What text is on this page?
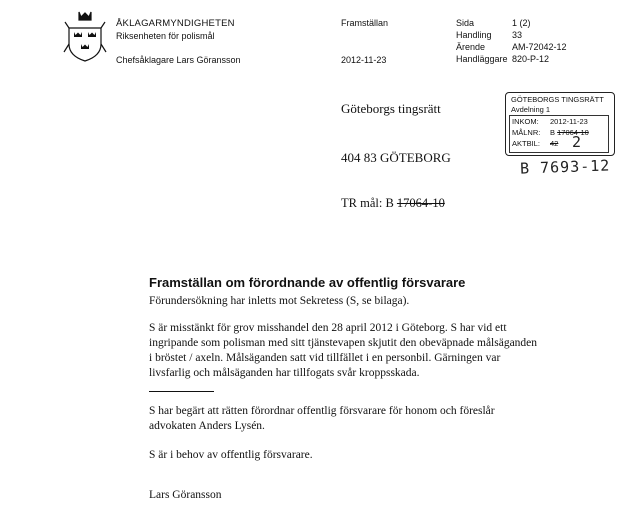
ÅKLAGARMYNDIGHETEN
Riksenheten för polismål
Chefsåklagare Lars Göransson
Framställan
2012-11-23
Sida	1 (2)
Handling 33
Ärende	AM-72042-12
Handläggare 820-P-12
Göteborgs tingsrätt
404 83 GÖTEBORG
TR mål: B 17064-10
GÖTEBORGS TINGSRÄTT
Avdelning 1
INKOM: 2012-11-23
MÅLNR: B 17064-10
AKTBIL: 42 2
B 7693-12
Framställan om förordnande av offentlig försvarare
Förundersökning har inletts mot Sekretess (S, se bilaga).
S är misstänkt för grov misshandel den 28 april 2012 i Göteborg. S har vid ett ingripande som polisman med sitt tjänstevapen skjutit den obeväpnade målsäganden i bröstet / axeln. Målsäganden satt vid tillfället i en personbil. Gärningen var livsfarlig och målsäganden har tillfogats svår kroppsskada.
S har begärt att rätten förordnar offentlig försvarare för honom och föreslår advokaten Anders Lysén.
S är i behov av offentlig försvarare.
Lars Göransson
